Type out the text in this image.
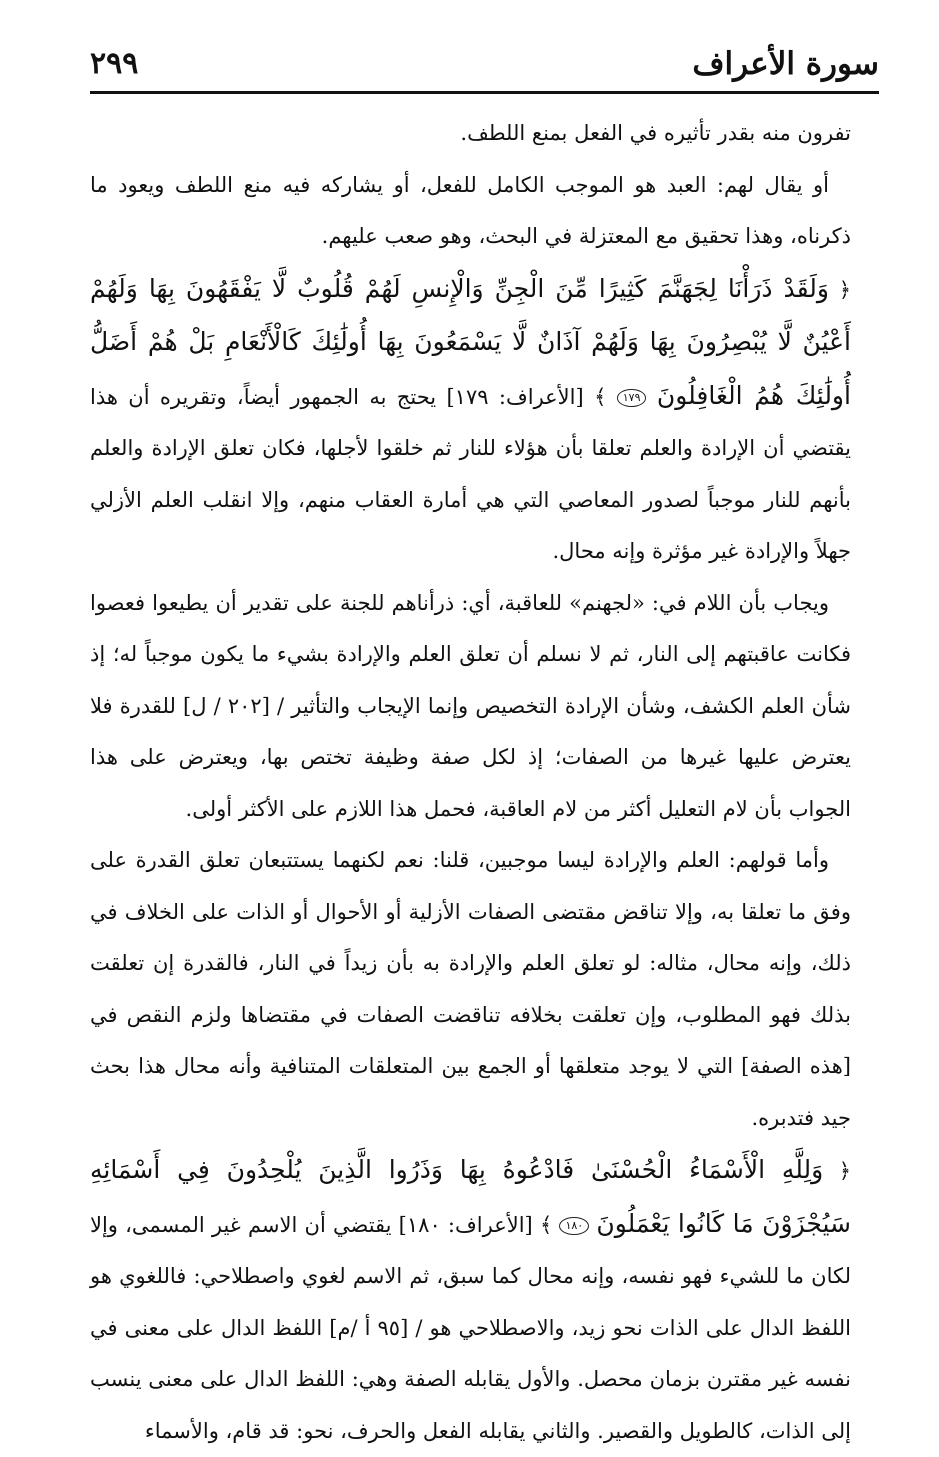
سورة الأعراف
٢٩٩

تفرون منه بقدر تأثيره في الفعل بمنع اللطف.

أو يقال لهم: العبد هو الموجب الكامل للفعل، أو يشاركه فيه منع اللطف ويعود ما ذكرناه، وهذا تحقيق مع المعتزلة في البحث، وهو صعب عليهم.

﴿ وَلَقَدْ ذَرَأْنَا لِجَهَنَّمَ كَثِيرًا مِّنَ الْجِنِّ وَالْإِنسِ لَهُمْ قُلُوبٌ لَّا يَفْقَهُونَ بِهَا وَلَهُمْ أَعْيُنٌ لَّا يُبْصِرُونَ بِهَا وَلَهُمْ آذَانٌ لَّا يَسْمَعُونَ بِهَا أُولَٰئِكَ كَالْأَنْعَامِ بَلْ هُمْ أَضَلُّ أُولَٰئِكَ هُمُ الْغَافِلُونَ ١٧٩ ﴾ [الأعراف: ١٧٩] يحتج به الجمهور أيضاً، وتقريره أن هذا يقتضي أن الإرادة والعلم تعلقا بأن هؤلاء للنار ثم خلقوا لأجلها، فكان تعلق الإرادة والعلم بأنهم للنار موجباً لصدور المعاصي التي هي أمارة العقاب منهم، وإلا انقلب العلم الأزلي جهلاً والإرادة غير مؤثرة وإنه محال.

ويجاب بأن اللام في: «لجهنم» للعاقبة، أي: ذرأناهم للجنة على تقدير أن يطيعوا فعصوا فكانت عاقبتهم إلى النار، ثم لا نسلم أن تعلق العلم والإرادة بشيء ما يكون موجباً له؛ إذ شأن العلم الكشف، وشأن الإرادة التخصيص وإنما الإيجاب والتأثير / [٢٠٢ / ل] للقدرة فلا يعترض عليها غيرها من الصفات؛ إذ لكل صفة وظيفة تختص بها، ويعترض على هذا الجواب بأن لام التعليل أكثر من لام العاقبة، فحمل هذا اللازم على الأكثر أولى.

وأما قولهم: العلم والإرادة ليسا موجبين، قلنا: نعم لكنهما يستتبعان تعلق القدرة على وفق ما تعلقا به، وإلا تناقض مقتضى الصفات الأزلية أو الأحوال أو الذات على الخلاف في ذلك، وإنه محال، مثاله: لو تعلق العلم والإرادة به بأن زيداً في النار، فالقدرة إن تعلقت بذلك فهو المطلوب، وإن تعلقت بخلافه تناقضت الصفات في مقتضاها ولزم النقص في [هذه الصفة] التي لا يوجد متعلقها أو الجمع بين المتعلقات المتنافية وأنه محال هذا بحث جيد فتدبره.

﴿ وَلِلَّهِ الْأَسْمَاءُ الْحُسْنَىٰ فَادْعُوهُ بِهَا وَذَرُوا الَّذِينَ يُلْحِدُونَ فِي أَسْمَائِهِ سَيُجْزَوْنَ مَا كَانُوا يَعْمَلُونَ ١٨٠ ﴾ [الأعراف: ١٨٠] يقتضي أن الاسم غير المسمى، وإلا لكان ما للشيء فهو نفسه، وإنه محال كما سبق، ثم الاسم لغوي واصطلاحي: فاللغوي هو اللفظ الدال على الذات نحو زيد، والاصطلاحي هو / [٩٥ أ /م] اللفظ الدال على معنى في نفسه غير مقترن بزمان محصل. والأول يقابله الصفة وهي: اللفظ الدال على معنى ينسب إلى الذات، كالطويل والقصير. والثاني يقابله الفعل والحرف، نحو: قد قام، والأسماء
